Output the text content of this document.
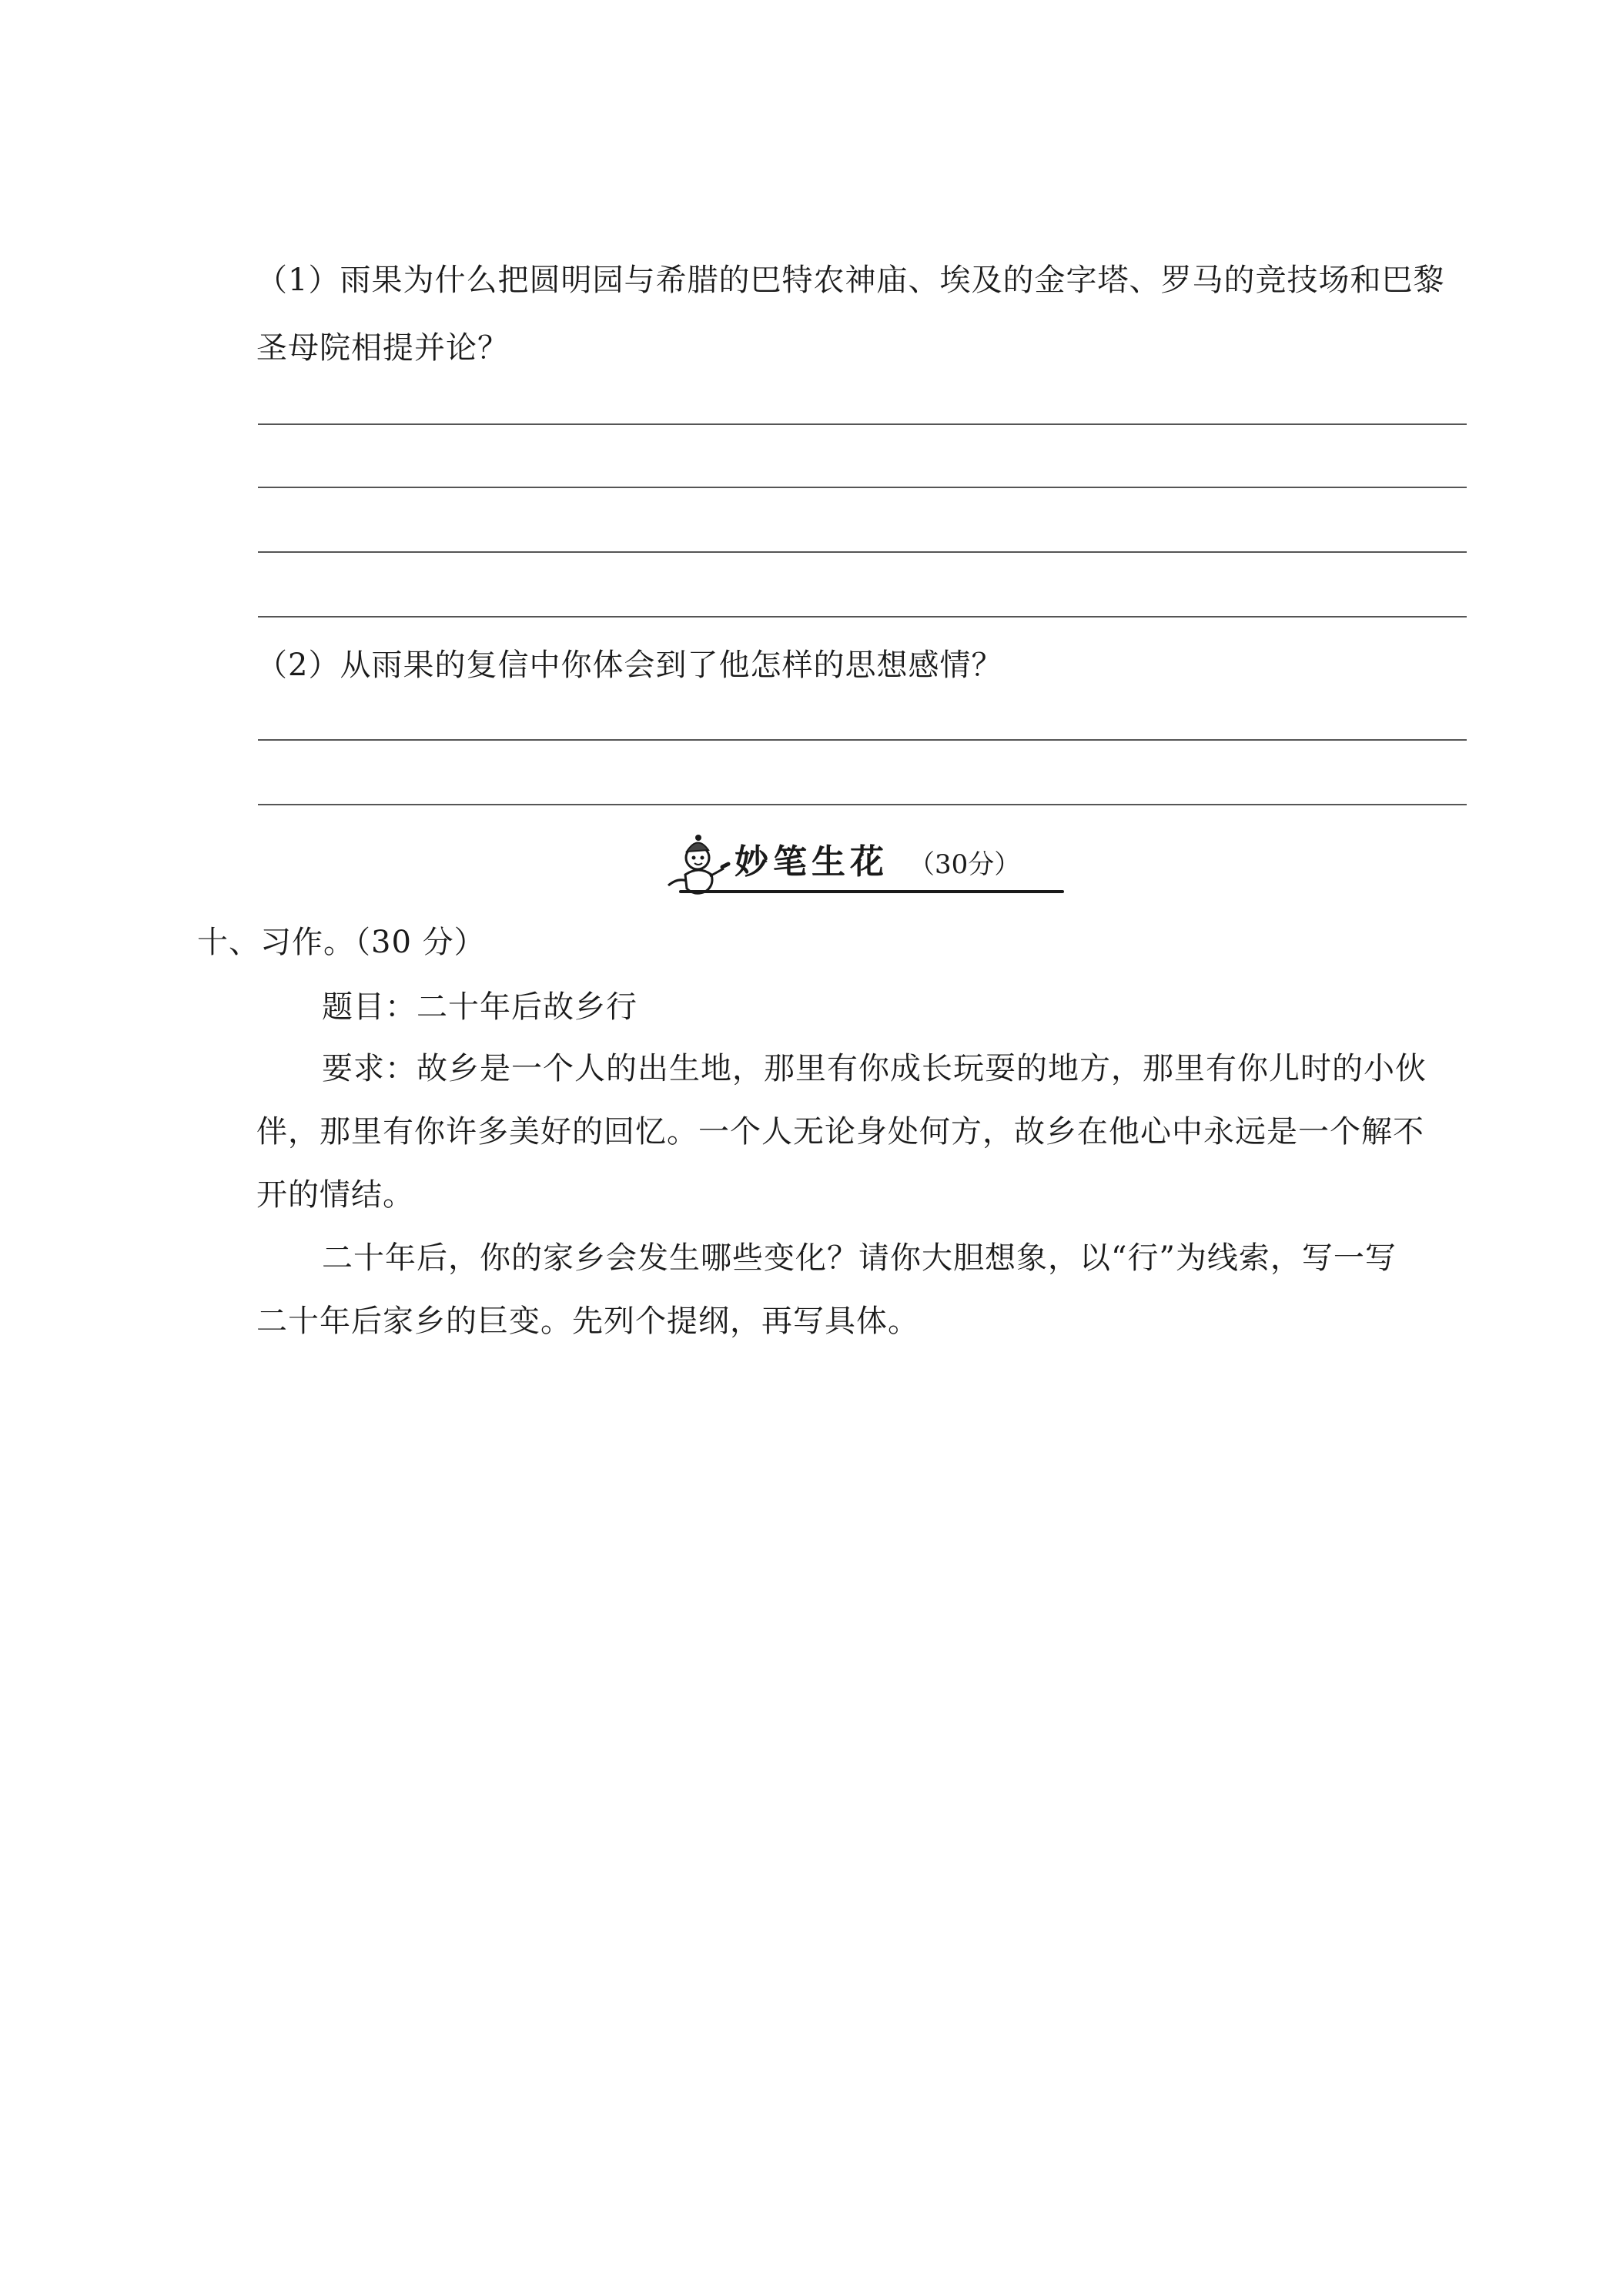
（1）雨果为什么把圆明园与希腊的巴特农神庙、埃及的金字塔、罗马的竞技场和巴黎
圣母院相提并论？
（2）从雨果的复信中你体会到了他怎样的思想感情？
妙笔生花 （30分）
十、习作。（30 分）
题目：二十年后故乡行
要求：故乡是一个人的出生地，那里有你成长玩耍的地方，那里有你儿时的小伙
伴，那里有你许多美好的回忆。一个人无论身处何方，故乡在他心中永远是一个解不
开的情结。
二十年后，你的家乡会发生哪些变化？请你大胆想象，以“行”为线索，写一写
二十年后家乡的巨变。先列个提纲，再写具体。
